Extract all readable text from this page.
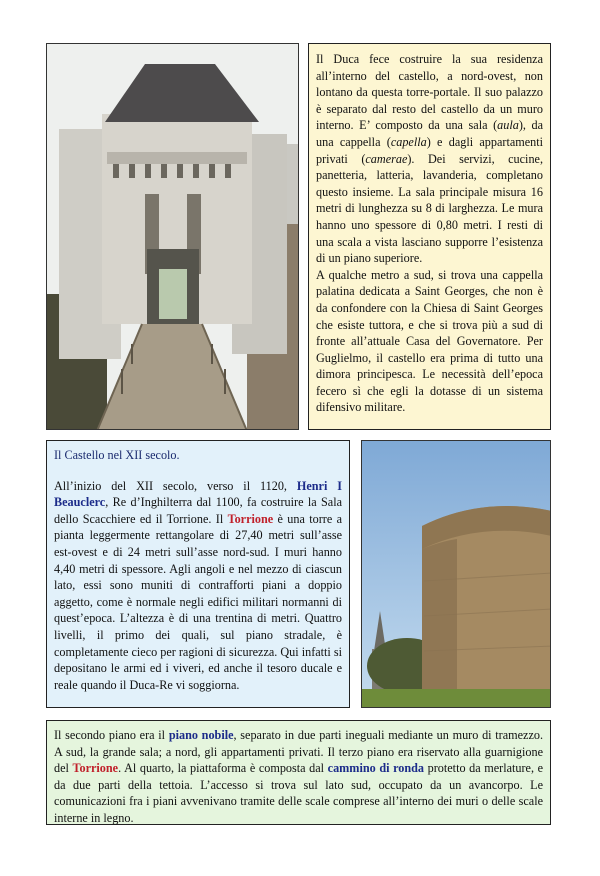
Il Duca fece costruire la sua residenza all’interno del castello, a nord-ovest, non lontano da questa torre-portale. Il suo palazzo è separato dal resto del castello da un muro interno. E’ composto da una sala (aula), da una cappella (capella) e dagli appartamenti privati (camerae). Dei servizi, cucine, panetteria, latteria, lavanderia, completano questo insieme. La sala principale misura 16 metri di lunghezza su 8 di larghezza. Le mura hanno uno spessore di 0,80 metri. I resti di una scala a vista lasciano supporre l’esistenza di un piano superiore.

A qualche metro a sud, si trova una cappella palatina dedicata a Saint Georges, che non è da confondere con la Chiesa di Saint Georges che esiste tuttora, e che si trova più a sud di fronte all’attuale Casa del Governatore. Per Guglielmo, il castello era prima di tutto una dimora principesca. Le necessità dell’epoca fecero sì che egli la dotasse di un sistema difensivo militare.

Il Castello nel XII secolo.

All’inizio del XII secolo, verso il 1120, Henri I Beauclerc, Re d’Inghilterra dal 1100, fa costruire la Sala dello Scacchiere ed il Torrione. Il Torrione è una torre a pianta leggermente rettangolare di 27,40 metri sull’asse est-ovest e di 24 metri sull’asse nord-sud. I muri hanno 4,40 metri di spessore. Agli angoli e nel mezzo di ciascun lato, essi sono muniti di contrafforti piani a doppio aggetto, come è normale negli edifici militari normanni di quest’epoca. L’altezza è di una trentina di metri. Quattro livelli, il primo dei quali, sul piano stradale, è completamente cieco per ragioni di sicurezza. Qui infatti si depositano le armi ed i viveri, ed anche il tesoro ducale e reale quando il Duca-Re vi soggiorna.

Il secondo piano era il piano nobile, separato in due parti ineguali mediante un muro di tramezzo. A sud, la grande sala; a nord, gli appartamenti privati. Il terzo piano era riservato alla guarnigione del Torrione. Al quarto, la piattaforma è composta dal cammino di ronda protetto da merlature, e da due parti della tettoia. L’accesso si trova sul lato sud, occupato da un avancorpo. Le comunicazioni fra i piani avvenivano tramite delle scale comprese all’interno dei muri o delle scale interne in legno.
